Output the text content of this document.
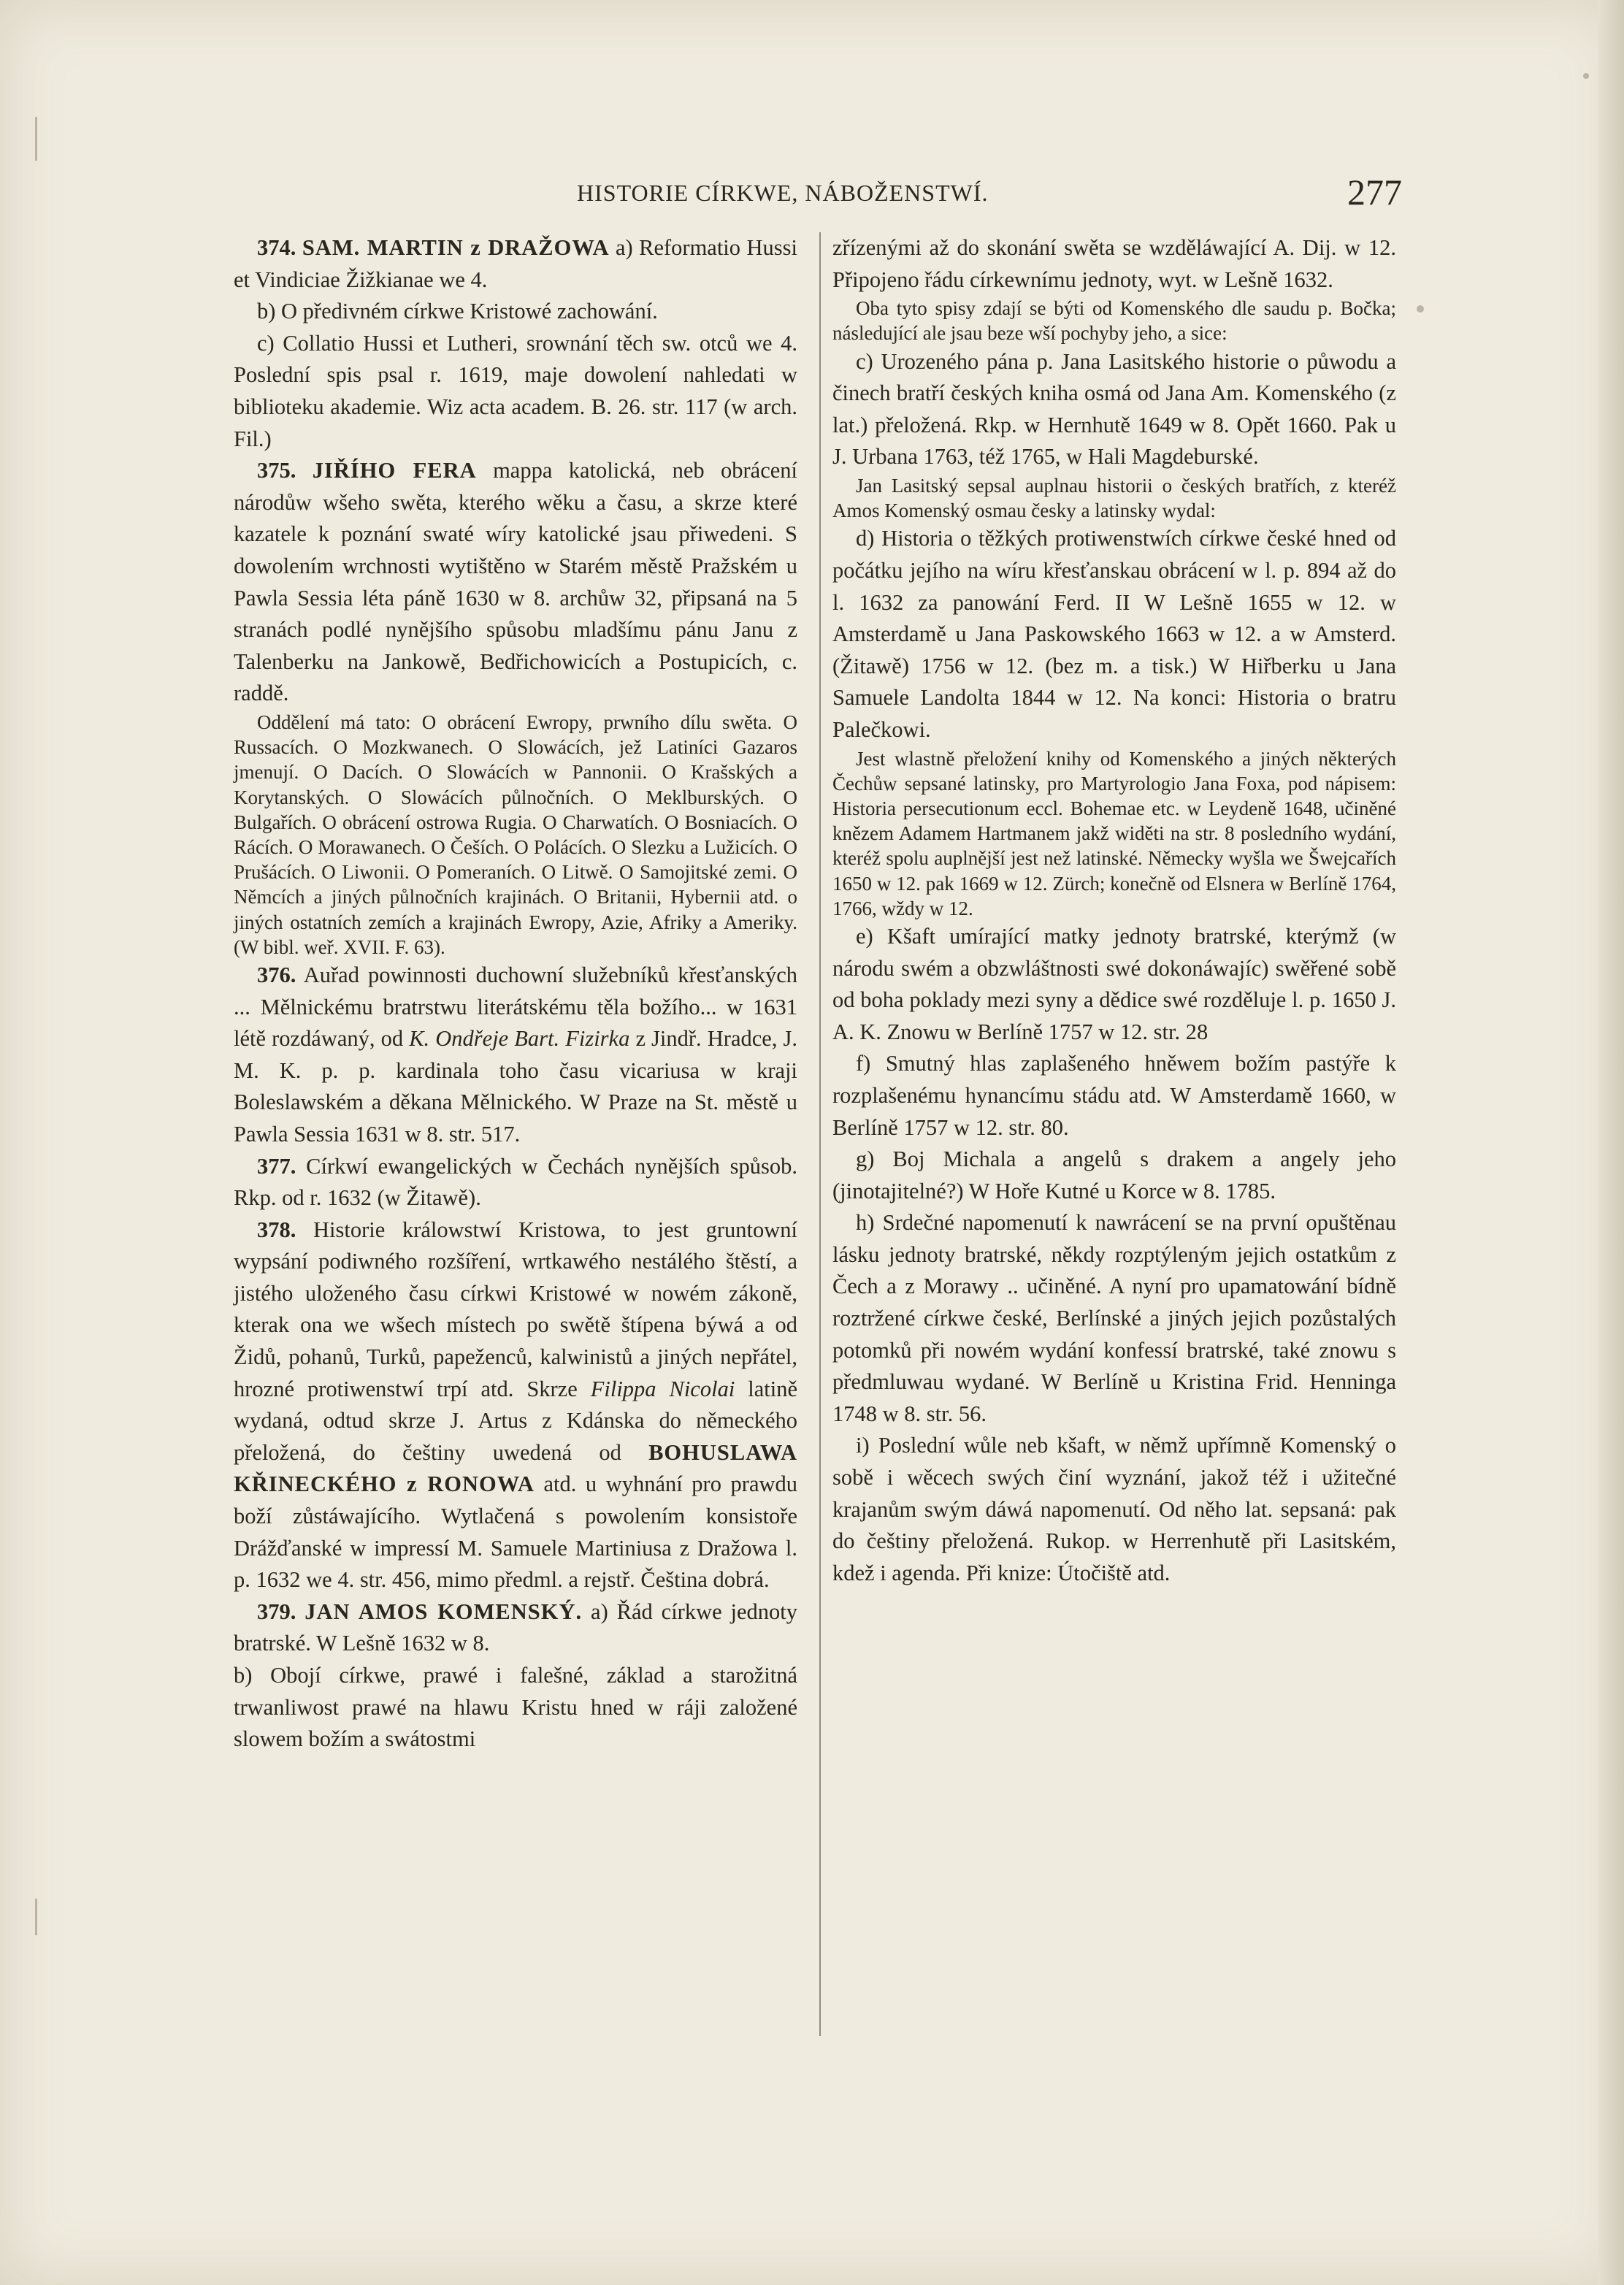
HISTORIE CÍRKWE, NÁBOŽENSTWÍ.	277

374. SAM. MARTIN z DRAŽOWA a) Reformatio Hussi et Vindiciae Žižkianae we 4.

b) O předivném církwe Kristowé zachowání.

c) Collatio Hussi et Lutheri, srownání těch sw. otců we 4. Poslední spis psal r. 1619, maje dowolení nahledati w biblioteku akademie. Wiz acta academ. B. 26. str. 117 (w arch. Fil.)

375. JIŘÍHO FERA mappa katolická, neb obrácení národůw wšeho swěta, kterého wěku a času, a skrze které kazatele k poznání swaté wíry katolické jsau přiwedeni. S dowolením wrchnosti wytištěno w Starém městě Pražském u Pawla Sessia léta páně 1630 w 8. archůw 32, připsaná na 5 stranách podlé nynějšího spůsobu mladšímu pánu Janu z Talenberku na Jankowě, Bedřichowicích a Postupicích, c. raddě.

Oddělení má tato: O obrácení Ewropy, prwního dílu swěta. O Russacích. O Mozkwanech. O Slowácích, jež Latiníci Gazaros jmenují. O Dacích. O Slowácích w Pannonii. O Krašských a Korytanských. O Slowácích půlnočních. O Meklburských. O Bulgařích. O obrácení ostrowa Rugia. O Charwatích. O Bosniacích. O Rácích. O Morawanech. O Češích. O Polácích. O Slezku a Lužicích. O Prušácích. O Liwonii. O Pomeraních. O Litwě. O Samojitské zemi. O Němcích a jiných půlnočních krajinách. O Britanii, Hybernii atd. o jiných ostatních zemích a krajinách Ewropy, Azie, Afriky a Ameriky. (W bibl. weř. XVII. F. 63).

376. Auřad powinnosti duchowní služebníků křesťanských ... Mělnickému bratrstwu literátskému těla božího... w 1631 létě rozdáwaný, od K. Ondřeje Bart. Fizirka z Jindř. Hradce, J. M. K. p. p. kardinala toho času vicariusa w kraji Boleslawském a děkana Mělnického. W Praze na St. městě u Pawla Sessia 1631 w 8. str. 517.

377. Církwí ewangelických w Čechách nynějších spůsob. Rkp. od r. 1632 (w Žitawě).

378. Historie králowstwí Kristowa, to jest gruntowní wypsání podiwného rozšíření, wrtkawého nestálého štěstí, a jistého uloženého času církwi Kristowé w nowém zákoně, kterak ona we wšech místech po swětě štípena býwá a od Židů, pohanů, Turků, papeženců, kalwinistů a jiných nepřátel, hrozné protiwenstwí trpí atd. Skrze Filippa Nicolai latině wydaná, odtud skrze J. Artus z Kdánska do německého přeložená, do češtiny uwedená od BOHUSLAWA KŘINECKÉHO z RONOWA atd. u wyhnání pro prawdu boží zůstáwajícího. Wytlačená s powolením konsistoře Drážďanské w impressí M. Samuele Martiniusa z Dražowa l. p. 1632 we 4. str. 456, mimo předml. a rejstř. Čeština dobrá.

379. JAN AMOS KOMENSKÝ. a) Řád církwe jednoty bratrské. W Lešně 1632 w 8.

b) Obojí církwe, prawé i falešné, základ a starožitná trwanliwost prawé na hlawu Kristu hned w ráji založené slowem božím a swátostmi

zřízenými až do skonání swěta se wzděláwající A. Dij. w 12. Připojeno řádu církewnímu jednoty, wyt. w Lešně 1632.

Oba tyto spisy zdají se býti od Komenského dle saudu p. Bočka; následující ale jsau beze wší pochyby jeho, a sice:

c) Urozeného pána p. Jana Lasitského historie o půwodu a činech bratří českých kniha osmá od Jana Am. Komenského (z lat.) přeložená. Rkp. w Hernhutě 1649 w 8. Opět 1660. Pak u J. Urbana 1763, též 1765, w Hali Magdeburské.

Jan Lasitský sepsal auplnau historii o českých bratřích, z kteréž Amos Komenský osmau česky a latinsky wydal:

d) Historia o těžkých protiwenstwích církwe české hned od počátku jejího na wíru křesťanskau obrácení w l. p. 894 až do l. 1632 za panowání Ferd. II W Lešně 1655 w 12. w Amsterdamě u Jana Paskowského 1663 w 12. a w Amsterd. (Žitawě) 1756 w 12. (bez m. a tisk.) W Hiřberku u Jana Samuele Landolta 1844 w 12. Na konci: Historia o bratru Palečkowi.

Jest wlastně přeložení knihy od Komenského a jiných některých Čechůw sepsané latinsky, pro Martyrologio Jana Foxa, pod nápisem: Historia persecutionum eccl. Bohemae etc. w Leydeně 1648, učiněné knězem Adamem Hartmanem jakž widěti na str. 8 posledního wydání, kteréž spolu auplnější jest než latinské. Německy wyšla we Šwejcařích 1650 w 12. pak 1669 w 12. Zürch; konečně od Elsnera w Berlíně 1764, 1766, wždy w 12.

e) Kšaft umírající matky jednoty bratrské, kterýmž (w národu swém a obzwláštnosti swé dokonáwajíc) swěřené sobě od boha poklady mezi syny a dědice swé rozděluje l. p. 1650 J. A. K. Znowu w Berlíně 1757 w 12. str. 28

f) Smutný hlas zaplašeného hněwem božím pastýře k rozplašenému hynancímu stádu atd. W Amsterdamě 1660, w Berlíně 1757 w 12. str. 80.

g) Boj Michala a angelů s drakem a angely jeho (jinotajitelné?) W Hoře Kutné u Korce w 8. 1785.

h) Srdečné napomenutí k nawrácení se na první opuštěnau lásku jednoty bratrské, někdy rozptýleným jejich ostatkům z Čech a z Morawy .. učiněné. A nyní pro upamatowání bídně roztržené církwe české, Berlínské a jiných jejich pozůstalých potomků při nowém wydání konfessí bratrské, také znowu s předmluwau wydané. W Berlíně u Kristina Frid. Henninga 1748 w 8. str. 56.

i) Poslední wůle neb kšaft, w němž upřímně Komenský o sobě i wěcech swých činí wyznání, jakož též i užitečné krajanům swým dáwá napomenutí. Od něho lat. sepsaná: pak do češtiny přeložená. Rukop. w Herrenhutě při Lasitském, kdež i agenda. Při knize: Útočiště atd.
